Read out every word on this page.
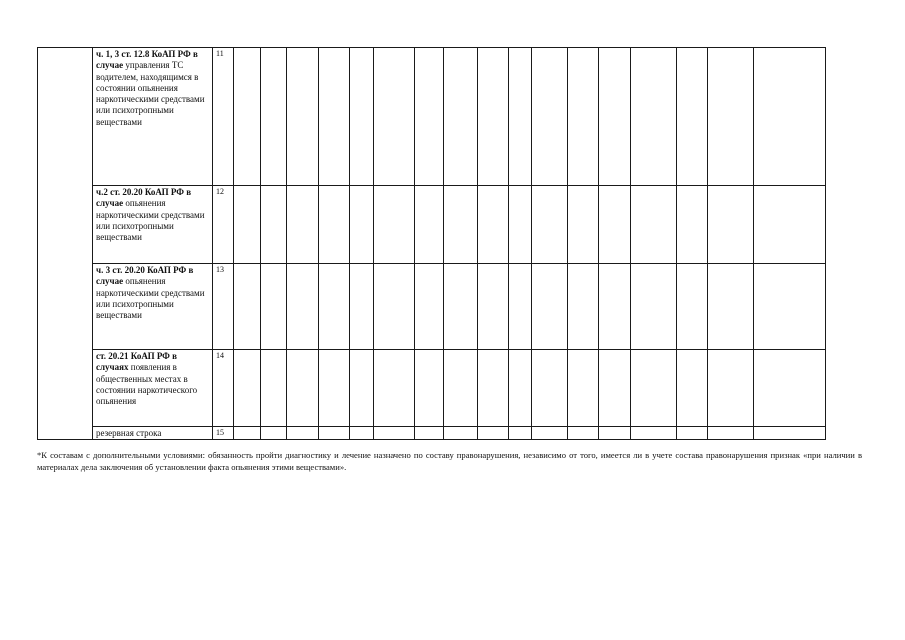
	ч. 1, 3 ст. 12.8 КоАП РФ в случае управления ТС водителем, находящимся в состоянии опьянения наркотическими средствами или психотропными веществами	11																	
	ч.2 ст. 20.20 КоАП РФ в случае опьянения наркотическими средствами или психотропными веществами	12																	
	ч. 3 ст. 20.20 КоАП РФ в случае опьянения наркотическими средствами или психотропными веществами	13																	
	ст. 20.21 КоАП РФ в случаях появления в общественных местах в состоянии наркотического опьянения	14																	
	резервная строка	15																	
*К составам с дополнительными условиями: обязанность пройти диагностику и лечение назначено по составу правонарушения, независимо от того, имеется ли в учете состава правонарушения признак «при наличии в материалах дела заключения об установлении факта опьянения этими веществами».
